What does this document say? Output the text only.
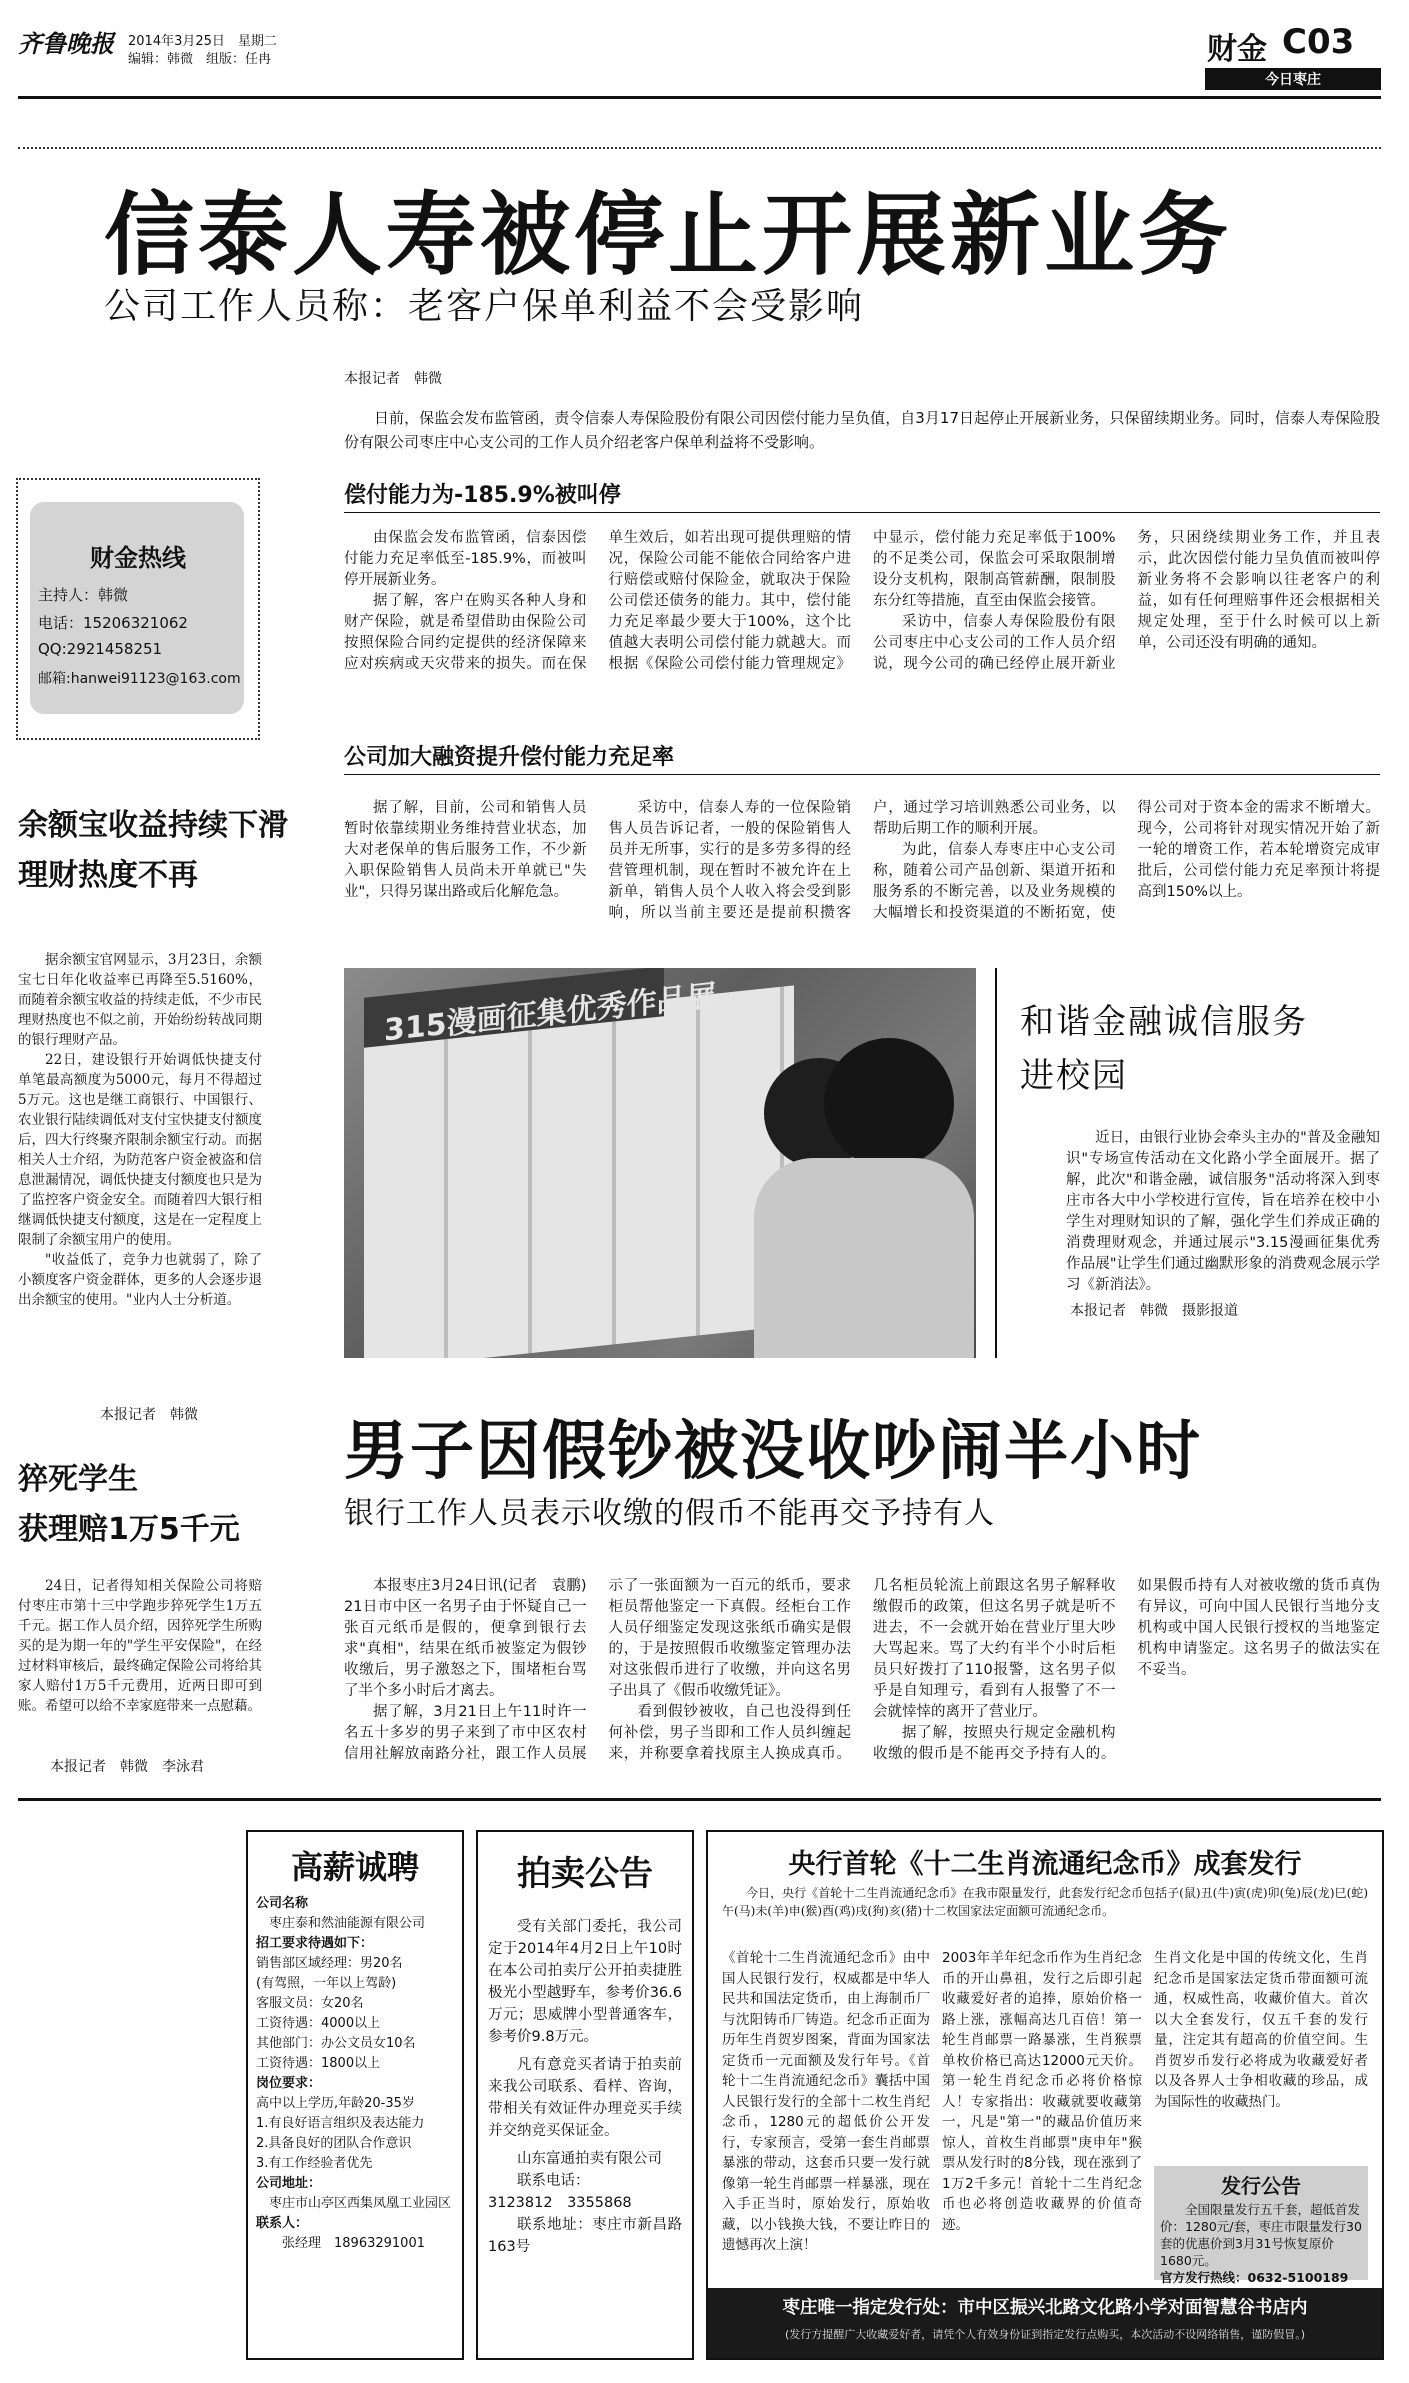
齐鲁晚报 2014年3月25日　星期二
编辑：韩微　组版：任冉	财金 C03
今日枣庄
信泰人寿被停止开展新业务
公司工作人员称：老客户保单利益不会受影响
本报记者　韩微

日前，保监会发布监管函，责令信泰人寿保险股份有限公司因偿付能力呈负值，自3月17日起停止开展新业务，只保留续期业务。同时，信泰人寿保险股份有限公司枣庄中心支公司的工作人员介绍老客户保单利益将不受影响。

偿付能力为-185.9%被叫停

由保监会发布监管函，信泰因偿付能力充足率低至-185.9%，而被叫停开展新业务。

据了解，客户在购买各种人身和财产保险，就是希望借助由保险公司按照保险合同约定提供的经济保障来应对疾病或天灾带来的损失。而在保单生效后，如若出现可提供理赔的情况，保险公司能不能依合同给客户进行赔偿或赔付保险金，就取决于保险公司偿还债务的能力。其中，偿付能力充足率最少要大于100%，这个比值越大表明公司偿付能力就越大。而根据《保险公司偿付能力管理规定》中显示，偿付能力充足率低于100%的不足类公司，保监会可采取限制增设分支机构，限制高管薪酬，限制股东分红等措施，直至由保监会接管。

采访中，信泰人寿保险股份有限公司枣庄中心支公司的工作人员介绍说，现今公司的确已经停止展开新业务，只困绕续期业务工作，并且表示，此次因偿付能力呈负值而被叫停新业务将不会影响以往老客户的利益，如有任何理赔事件还会根据相关规定处理，至于什么时候可以上新单，公司还没有明确的通知。

公司加大融资提升偿付能力充足率

据了解，目前，公司和销售人员暂时依靠续期业务维持营业状态，加大对老保单的售后服务工作，不少新入职保险销售人员尚未开单就已"失业"，只得另谋出路或后化解危急。

采访中，信泰人寿的一位保险销售人员告诉记者，一般的保险销售人员并无所事，实行的是多劳多得的经营管理机制，现在暂时不被允许在上新单，销售人员个人收入将会受到影响，所以当前主要还是提前积攒客户，通过学习培训熟悉公司业务，以帮助后期工作的顺利开展。

为此，信泰人寿枣庄中心支公司称，随着公司产品创新、渠道开拓和服务系的不断完善，以及业务规模的大幅增长和投资渠道的不断拓宽，使得公司对于资本金的需求不断增大。现今，公司将针对现实情况开始了新一轮的增资工作，若本轮增资完成审批后，公司偿付能力充足率预计将提高到150%以上。

财金热线
主持人：韩微
电话：15206321062
QQ:2921458251
邮箱:hanwei91123@163.com
余额宝收益持续下滑
理财热度不再

据余额宝官网显示，3月23日，余额宝七日年化收益率已再降至5.5160%，而随着余额宝收益的持续走低，不少市民理财热度也不似之前，开始纷纷转战同期的银行理财产品。

22日，建设银行开始调低快捷支付单笔最高额度为5000元，每月不得超过5万元。这也是继工商银行、中国银行、农业银行陆续调低对支付宝快捷支付额度后，四大行终聚齐限制余额宝行动。而据相关人士介绍，为防范客户资金被盗和信息泄漏情况，调低快捷支付额度也只是为了监控客户资金安全。而随着四大银行相继调低快捷支付额度，这是在一定程度上限制了余额宝用户的使用。

"收益低了，竞争力也就弱了，除了小额度客户资金群体，更多的人会逐步退出余额宝的使用。"业内人士分析道。

本报记者　韩微
猝死学生
获理赔1万5千元

24日，记者得知相关保险公司将赔付枣庄市第十三中学跑步猝死学生1万五千元。据工作人员介绍，因猝死学生所购买的是为期一年的"学生平安保险"，在经过材料审核后，最终确定保险公司将给其家人赔付1万5千元费用，近两日即可到账。希望可以给不幸家庭带来一点慰藉。

本报记者　韩微　李泳君
315漫画征集优秀作品展	和谐金融诚信服务
进校园

近日，由银行业协会牵头主办的"普及金融知识"专场宣传活动在文化路小学全面展开。据了解，此次"和谐金融，诚信服务"活动将深入到枣庄市各大中小学校进行宣传，旨在培养在校中小学生对理财知识的了解，强化学生们养成正确的消费理财观念，并通过展示"3.15漫画征集优秀作品展"让学生们通过幽默形象的消费观念展示学习《新消法》。

本报记者　韩微　摄影报道
男子因假钞被没收吵闹半小时
银行工作人员表示收缴的假币不能再交予持有人

本报枣庄3月24日讯(记者　袁鹏)　21日市中区一名男子由于怀疑自己一张百元纸币是假的，便拿到银行去求"真相"，结果在纸币被鉴定为假钞收缴后，男子激怒之下，围堵柜台骂了半个多小时后才离去。

据了解，3月21日上午11时许一名五十多岁的男子来到了市中区农村信用社解放南路分社，跟工作人员展示了一张面额为一百元的纸币，要求柜员帮他鉴定一下真假。经柜台工作人员仔细鉴定发现这张纸币确实是假的，于是按照假币收缴鉴定管理办法对这张假币进行了收缴，并向这名男子出具了《假币收缴凭证》。

看到假钞被收，自己也没得到任何补偿，男子当即和工作人员纠缠起来，并称要拿着找原主人换成真币。几名柜员轮流上前跟这名男子解释收缴假币的政策，但这名男子就是听不进去，不一会就开始在营业厅里大吵大骂起来。骂了大约有半个小时后柜员只好拨打了110报警，这名男子似乎是自知理亏，看到有人报警了不一会就悻悻的离开了营业厅。

据了解，按照央行规定金融机构收缴的假币是不能再交予持有人的。如果假币持有人对被收缴的货币真伪有异议，可向中国人民银行当地分支机构或中国人民银行授权的当地鉴定机构申请鉴定。这名男子的做法实在不妥当。

高薪诚聘
公司名称
枣庄泰和然油能源有限公司
招工要求待遇如下：
销售部区域经理：男20名
(有驾照，一年以上驾龄)
客服文员：女20名
工资待遇：4000以上
其他部门：办公文员女10名
工资待遇：1800以上
岗位要求：
高中以上学历,年龄20-35岁
1.有良好语言组织及表达能力
2.具备良好的团队合作意识
3.有工作经验者优先
公司地址：
枣庄市山亭区西集凤凰工业园区
联系人：
张经理　18963291001
拍卖公告
受有关部门委托，我公司定于2014年4月2日上午10时在本公司拍卖厅公开拍卖捷胜极光小型越野车，参考价36.6万元；思威牌小型普通客车，参考价9.8万元。
凡有意竞买者请于拍卖前来我公司联系、看样、咨询，带相关有效证件办理竞买手续并交纳竞买保证金。
山东富通拍卖有限公司
联系电话：
3123812　3355868
联系地址：枣庄市新昌路163号
央行首轮《十二生肖流通纪念币》成套发行
今日，央行《首轮十二生肖流通纪念币》在我市限量发行，此套发行纪念币包括子(鼠)丑(牛)寅(虎)卯(兔)辰(龙)巳(蛇)午(马)未(羊)申(猴)酉(鸡)戌(狗)亥(猪)十二枚国家法定面额可流通纪念币。
《首轮十二生肖流通纪念币》由中国人民银行发行，权威都是中华人民共和国法定货币，由上海制币厂与沈阳铸币厂铸造。纪念币正面为历年生肖贺岁图案，背面为国家法定货币一元面额及发行年号。《首轮十二生肖流通纪念币》囊括中国人民银行发行的全部十二枚生肖纪念币，1280元的超低价公开发行，专家预言，受第一套生肖邮票暴涨的带动，这套币只要一发行就像第一轮生肖邮票一样暴涨，现在入手正当时，原始发行，原始收藏，以小钱换大钱，不要让昨日的遗憾再次上演！
2003年羊年纪念币作为生肖纪念币的开山鼻祖，发行之后即引起收藏爱好者的追捧，原始价格一路上涨，涨幅高达几百倍！第一轮生肖邮票一路暴涨，生肖猴票单枚价格已高达12000元天价。第一轮生肖纪念币必将价格惊人！专家指出：收藏就要收藏第一，凡是"第一"的藏品价值历来惊人，首枚生肖邮票"庚申年"猴票从发行时的8分钱，现在涨到了1万2千多元！首轮十二生肖纪念币也必将创造收藏界的价值奇迹。
生肖文化是中国的传统文化，生肖纪念币是国家法定货币带面额可流通，权威性高，收藏价值大。首次以大全套发行，仅五千套的发行量，注定其有超高的价值空间。生肖贺岁币发行必将成为收藏爱好者以及各界人士争相收藏的珍品，成为国际性的收藏热门。
发行公告
全国限量发行五千套，超低首发价：1280元/套，枣庄市限量发行30套的优惠价到3月31号恢复原价1680元。
官方发行热线：0632-5100189　
枣庄唯一指定发行处：市中区振兴北路文化路小学对面智慧谷书店内
(发行方提醒广大收藏爱好者，请凭个人有效身份证到指定发行点购买，本次活动不设网络销售，谨防假冒。)
